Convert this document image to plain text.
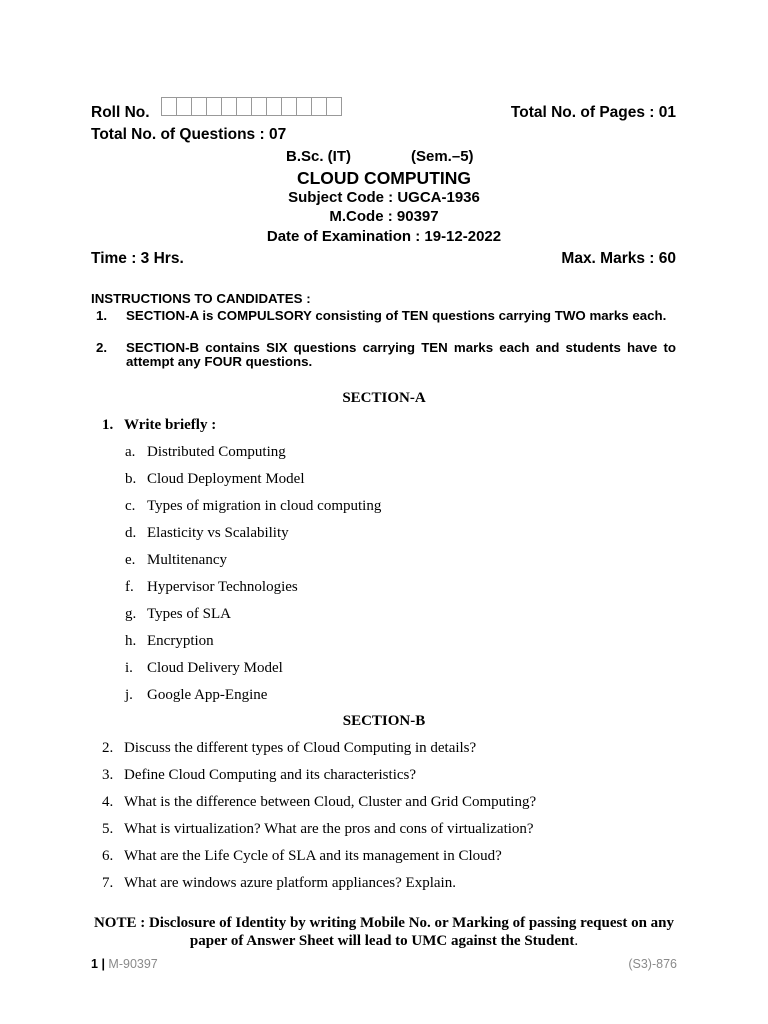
Roll No.	Total No. of Pages : 01
Total No. of Questions : 07
B.Sc. (IT)	(Sem.–5)
CLOUD COMPUTING
Subject Code : UGCA-1936
M.Code : 90397
Date of Examination : 19-12-2022
Time : 3 Hrs.	Max. Marks : 60
INSTRUCTIONS TO CANDIDATES :
1.	SECTION-A is COMPULSORY consisting of TEN questions carrying TWO marks each.
2.	SECTION-B contains SIX questions carrying TEN marks each and students have to attempt any FOUR questions.
SECTION-A
1. Write briefly :
a. Distributed Computing
b. Cloud Deployment Model
c. Types of migration in cloud computing
d. Elasticity vs Scalability
e. Multitenancy
f. Hypervisor Technologies
g. Types of SLA
h. Encryption
i. Cloud Delivery Model
j. Google App-Engine
SECTION-B
2. Discuss the different types of Cloud Computing in details?
3. Define Cloud Computing and its characteristics?
4. What is the difference between Cloud, Cluster and Grid Computing?
5. What is virtualization? What are the pros and cons of virtualization?
6. What are the Life Cycle of SLA and its management in Cloud?
7. What are windows azure platform appliances? Explain.
NOTE : Disclosure of Identity by writing Mobile No. or Marking of passing request on any
paper of Answer Sheet will lead to UMC against the Student.
1 | M-90397	(S3)-876
